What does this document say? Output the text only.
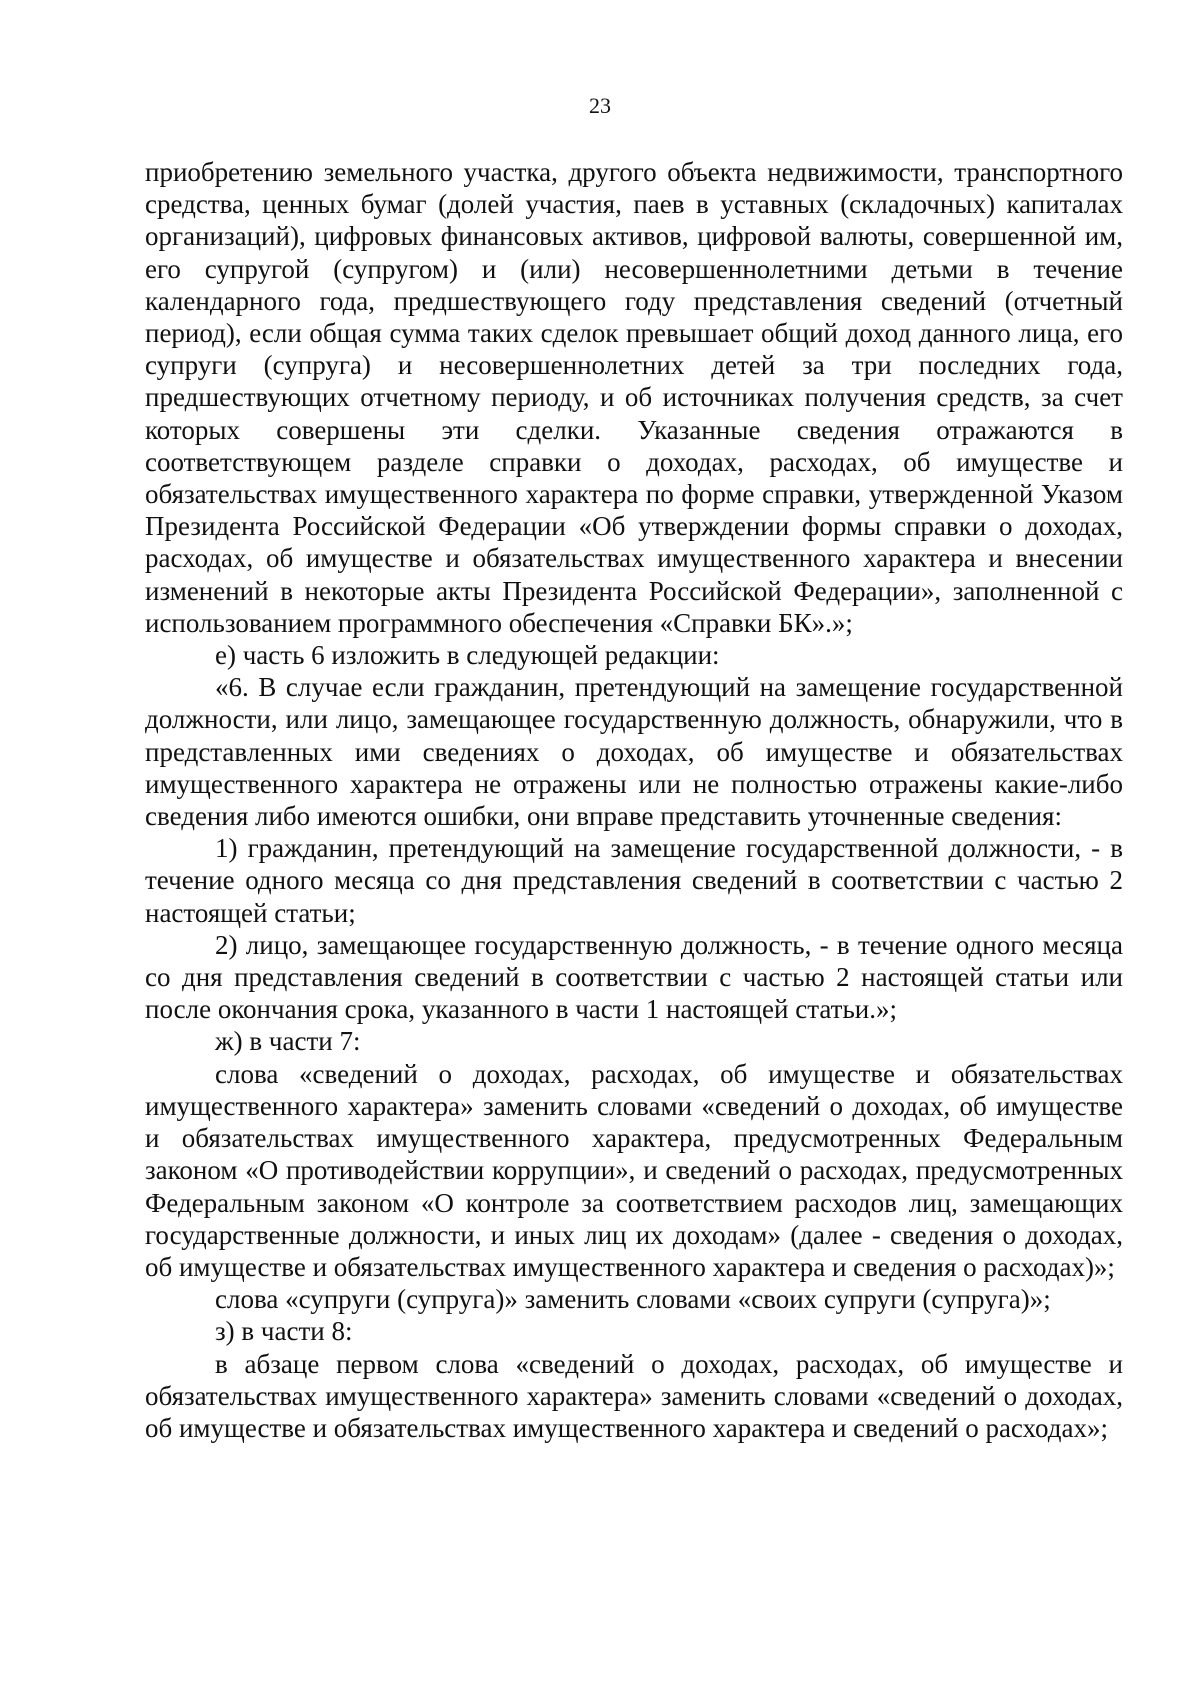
23

приобретению земельного участка, другого объекта недвижимости, транспортного средства, ценных бумаг (долей участия, паев в уставных (складочных) капиталах организаций), цифровых финансовых активов, цифровой валюты, совершенной им, его супругой (супругом) и (или) несовершеннолетними детьми в течение календарного года, предшествующего году представления сведений (отчетный период), если общая сумма таких сделок превышает общий доход данного лица, его супруги (супруга) и несовершеннолетних детей за три последних года, предшествующих отчетному периоду, и об источниках получения средств, за счет которых совершены эти сделки. Указанные сведения отражаются в соответствующем разделе справки о доходах, расходах, об имуществе и обязательствах имущественного характера по форме справки, утвержденной Указом Президента Российской Федерации «Об утверждении формы справки о доходах, расходах, об имуществе и обязательствах имущественного характера и внесении изменений в некоторые акты Президента Российской Федерации», заполненной с использованием программного обеспечения «Справки БК».»;

е) часть 6 изложить в следующей редакции:

«6. В случае если гражданин, претендующий на замещение государственной должности, или лицо, замещающее государственную должность, обнаружили, что в представленных ими сведениях о доходах, об имуществе и обязательствах имущественного характера не отражены или не полностью отражены какие-либо сведения либо имеются ошибки, они вправе представить уточненные сведения:

1) гражданин, претендующий на замещение государственной должности, - в течение одного месяца со дня представления сведений в соответствии с частью 2 настоящей статьи;

2) лицо, замещающее государственную должность, - в течение одного месяца со дня представления сведений в соответствии с частью 2 настоящей статьи или после окончания срока, указанного в части 1 настоящей статьи.»;

ж) в части 7:

слова «сведений о доходах, расходах, об имуществе и обязательствах имущественного характера» заменить словами «сведений о доходах, об имуществе и обязательствах имущественного характера, предусмотренных Федеральным законом «О противодействии коррупции», и сведений о расходах, предусмотренных Федеральным законом «О контроле за соответствием расходов лиц, замещающих государственные должности, и иных лиц их доходам» (далее - сведения о доходах, об имуществе и обязательствах имущественного характера и сведения о расходах)»;

слова «супруги (супруга)» заменить словами «своих супруги (супруга)»;

з) в части 8:

в абзаце первом слова «сведений о доходах, расходах, об имуществе и обязательствах имущественного характера» заменить словами «сведений о доходах, об имуществе и обязательствах имущественного характера и сведений о расходах»;
